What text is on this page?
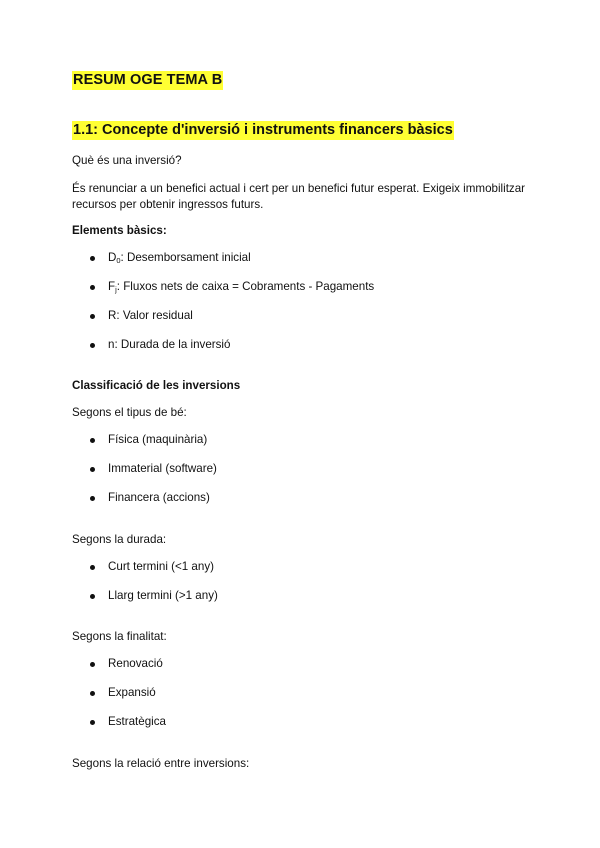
RESUM OGE TEMA B
1.1: Concepte d'inversió i instruments financers bàsics

Què és una inversió?

És renunciar a un benefici actual i cert per un benefici futur esperat. Exigeix immobilitzar

recursos per obtenir ingressos futurs.

Elements bàsics:

$D_0$: Desemborsament inicial
$F_j$: Fluxos nets de caixa = Cobraments - Pagaments
R: Valor residual
n: Durada de la inversió

Classificació de les inversions

Segons el tipus de bé:

Física (maquinària)
Immaterial (software)
Financera (accions)

Segons la durada:

Curt termini (<1 any)
Llarg termini (>1 any)

Segons la finalitat:

Renovació
Expansió
Estratègica

Segons la relació entre inversions:
